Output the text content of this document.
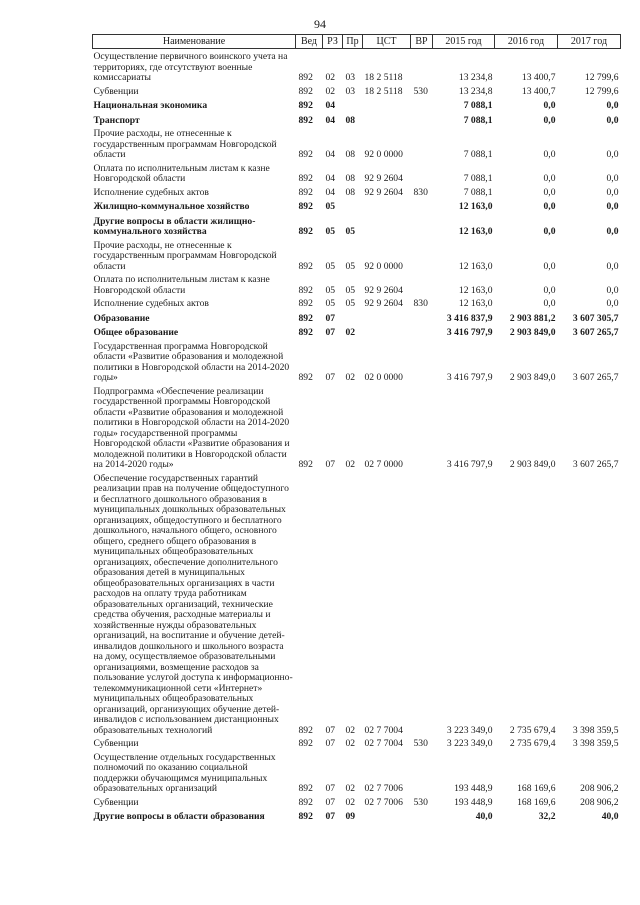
94
Наименование	Вед	РЗ	Пр	ЦСТ	ВР	2015 год	2016 год	2017 год
Осуществление первичного воинского учета на территориях, где отсутствуют военные комиссариаты	892	02	03	18 2 5118		13 234,8	13 400,7	12 799,6
Субвенции	892	02	03	18 2 5118	530	13 234,8	13 400,7	12 799,6
Национальная экономика	892	04				7 088,1	0,0	0,0
Транспорт	892	04	08			7 088,1	0,0	0,0
Прочие расходы, не отнесенные к государственным программам Новгородской области	892	04	08	92 0 0000		7 088,1	0,0	0,0
Оплата по исполнительным листам к казне Новгородской области	892	04	08	92 9 2604		7 088,1	0,0	0,0
Исполнение судебных актов	892	04	08	92 9 2604	830	7 088,1	0,0	0,0
Жилищно-коммунальное хозяйство	892	05				12 163,0	0,0	0,0
Другие вопросы в области жилищно-коммунального хозяйства	892	05	05			12 163,0	0,0	0,0
Прочие расходы, не отнесенные к государственным программам Новгородской области	892	05	05	92 0 0000		12 163,0	0,0	0,0
Оплата по исполнительным листам к казне Новгородской области	892	05	05	92 9 2604		12 163,0	0,0	0,0
Исполнение судебных актов	892	05	05	92 9 2604	830	12 163,0	0,0	0,0
Образование	892	07				3 416 837,9	2 903 881,2	3 607 305,7
Общее образование	892	07	02			3 416 797,9	2 903 849,0	3 607 265,7
Государственная программа Новгородской области «Развитие образования и молодежной политики в Новгородской области на 2014-2020 годы»	892	07	02	02 0 0000		3 416 797,9	2 903 849,0	3 607 265,7
Подпрограмма «Обеспечение реализации государственной программы Новгородской области «Развитие образования и молодежной политики в Новгородской области на 2014-2020 годы» государственной программы Новгородской области «Развитие образования и молодежной политики в Новгородской области на 2014-2020 годы»	892	07	02	02 7 0000		3 416 797,9	2 903 849,0	3 607 265,7
Обеспечение государственных гарантий реализации прав на получение общедоступного и бесплатного дошкольного образования в муниципальных дошкольных образовательных организациях, общедоступного и бесплатного дошкольного, начального общего, основного общего, среднего общего образования в муниципальных общеобразовательных организациях, обеспечение дополнительного образования детей в муниципальных общеобразовательных организациях в части расходов на оплату труда работникам образовательных организаций, технические средства обучения, расходные материалы и хозяйственные нужды образовательных организаций, на воспитание и обучение детей-инвалидов дошкольного и школьного возраста на дому, осуществляемое образовательными организациями, возмещение расходов за пользование услугой доступа к информационно-телекоммуникационной сети «Интернет» муниципальных общеобразовательных организаций, организующих обучение детей-инвалидов с использованием дистанционных образовательных технологий	892	07	02	02 7 7004		3 223 349,0	2 735 679,4	3 398 359,5
Субвенции	892	07	02	02 7 7004	530	3 223 349,0	2 735 679,4	3 398 359,5
Осуществление отдельных государственных полномочий по оказанию социальной поддержки обучающимся муниципальных образовательных организаций	892	07	02	02 7 7006		193 448,9	168 169,6	208 906,2
Субвенции	892	07	02	02 7 7006	530	193 448,9	168 169,6	208 906,2
Другие вопросы в области образования	892	07	09			40,0	32,2	40,0
